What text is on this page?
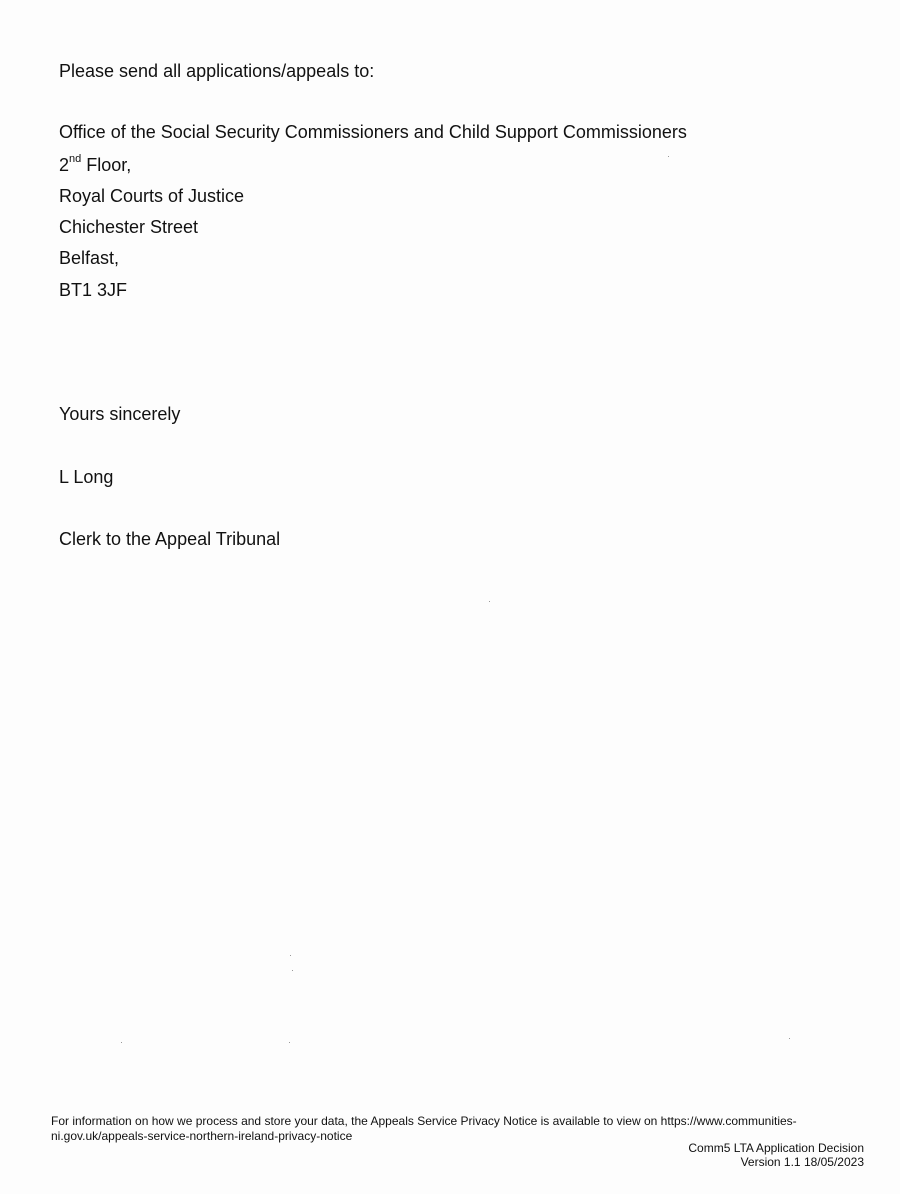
Please send all applications/appeals to:
Office of the Social Security Commissioners and Child Support Commissioners
2nd Floor,
Royal Courts of Justice
Chichester Street
Belfast,
BT1 3JF
Yours sincerely
L Long
Clerk to the Appeal Tribunal
For information on how we process and store your data, the Appeals Service Privacy Notice is available to view on https://www.communities-
ni.gov.uk/appeals-service-northern-ireland-privacy-notice
Comm5 LTA Application Decision
Version 1.1 18/05/2023
